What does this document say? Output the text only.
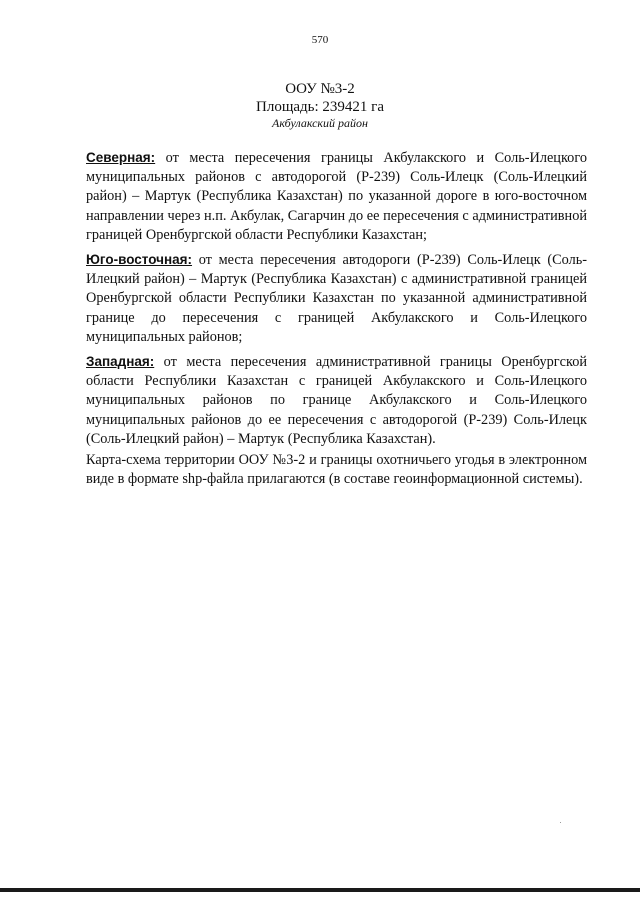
570
ООУ №3-2
Площадь: 239421 га
Акбулакский район

Северная: от места пересечения границы Акбулакского и Соль-Илецкого муниципальных районов с автодорогой (Р-239) Соль-Илецк (Соль-Илецкий район) – Мартук (Республика Казахстан) по указанной дороге в юго-восточном направлении через н.п. Акбулак, Сагарчин до ее пересечения с административной границей Оренбургской области Республики Казахстан;

Юго-восточная: от места пересечения автодороги (Р-239) Соль-Илецк (Соль-Илецкий район) – Мартук (Республика Казахстан) с административной границей Оренбургской области Республики Казахстан по указанной административной границе до пересечения с границей Акбулакского и Соль-Илецкого муниципальных районов;

Западная: от места пересечения административной границы Оренбургской области Республики Казахстан с границей Акбулакского и Соль-Илецкого муниципальных районов по границе Акбулакского и Соль-Илецкого муниципальных районов до ее пересечения с автодорогой (Р-239) Соль-Илецк (Соль-Илецкий район) – Мартук (Республика Казахстан).

Карта-схема территории ООУ №3-2 и границы охотничьего угодья в электронном виде в формате shp-файла прилагаются (в составе геоинформационной системы).
